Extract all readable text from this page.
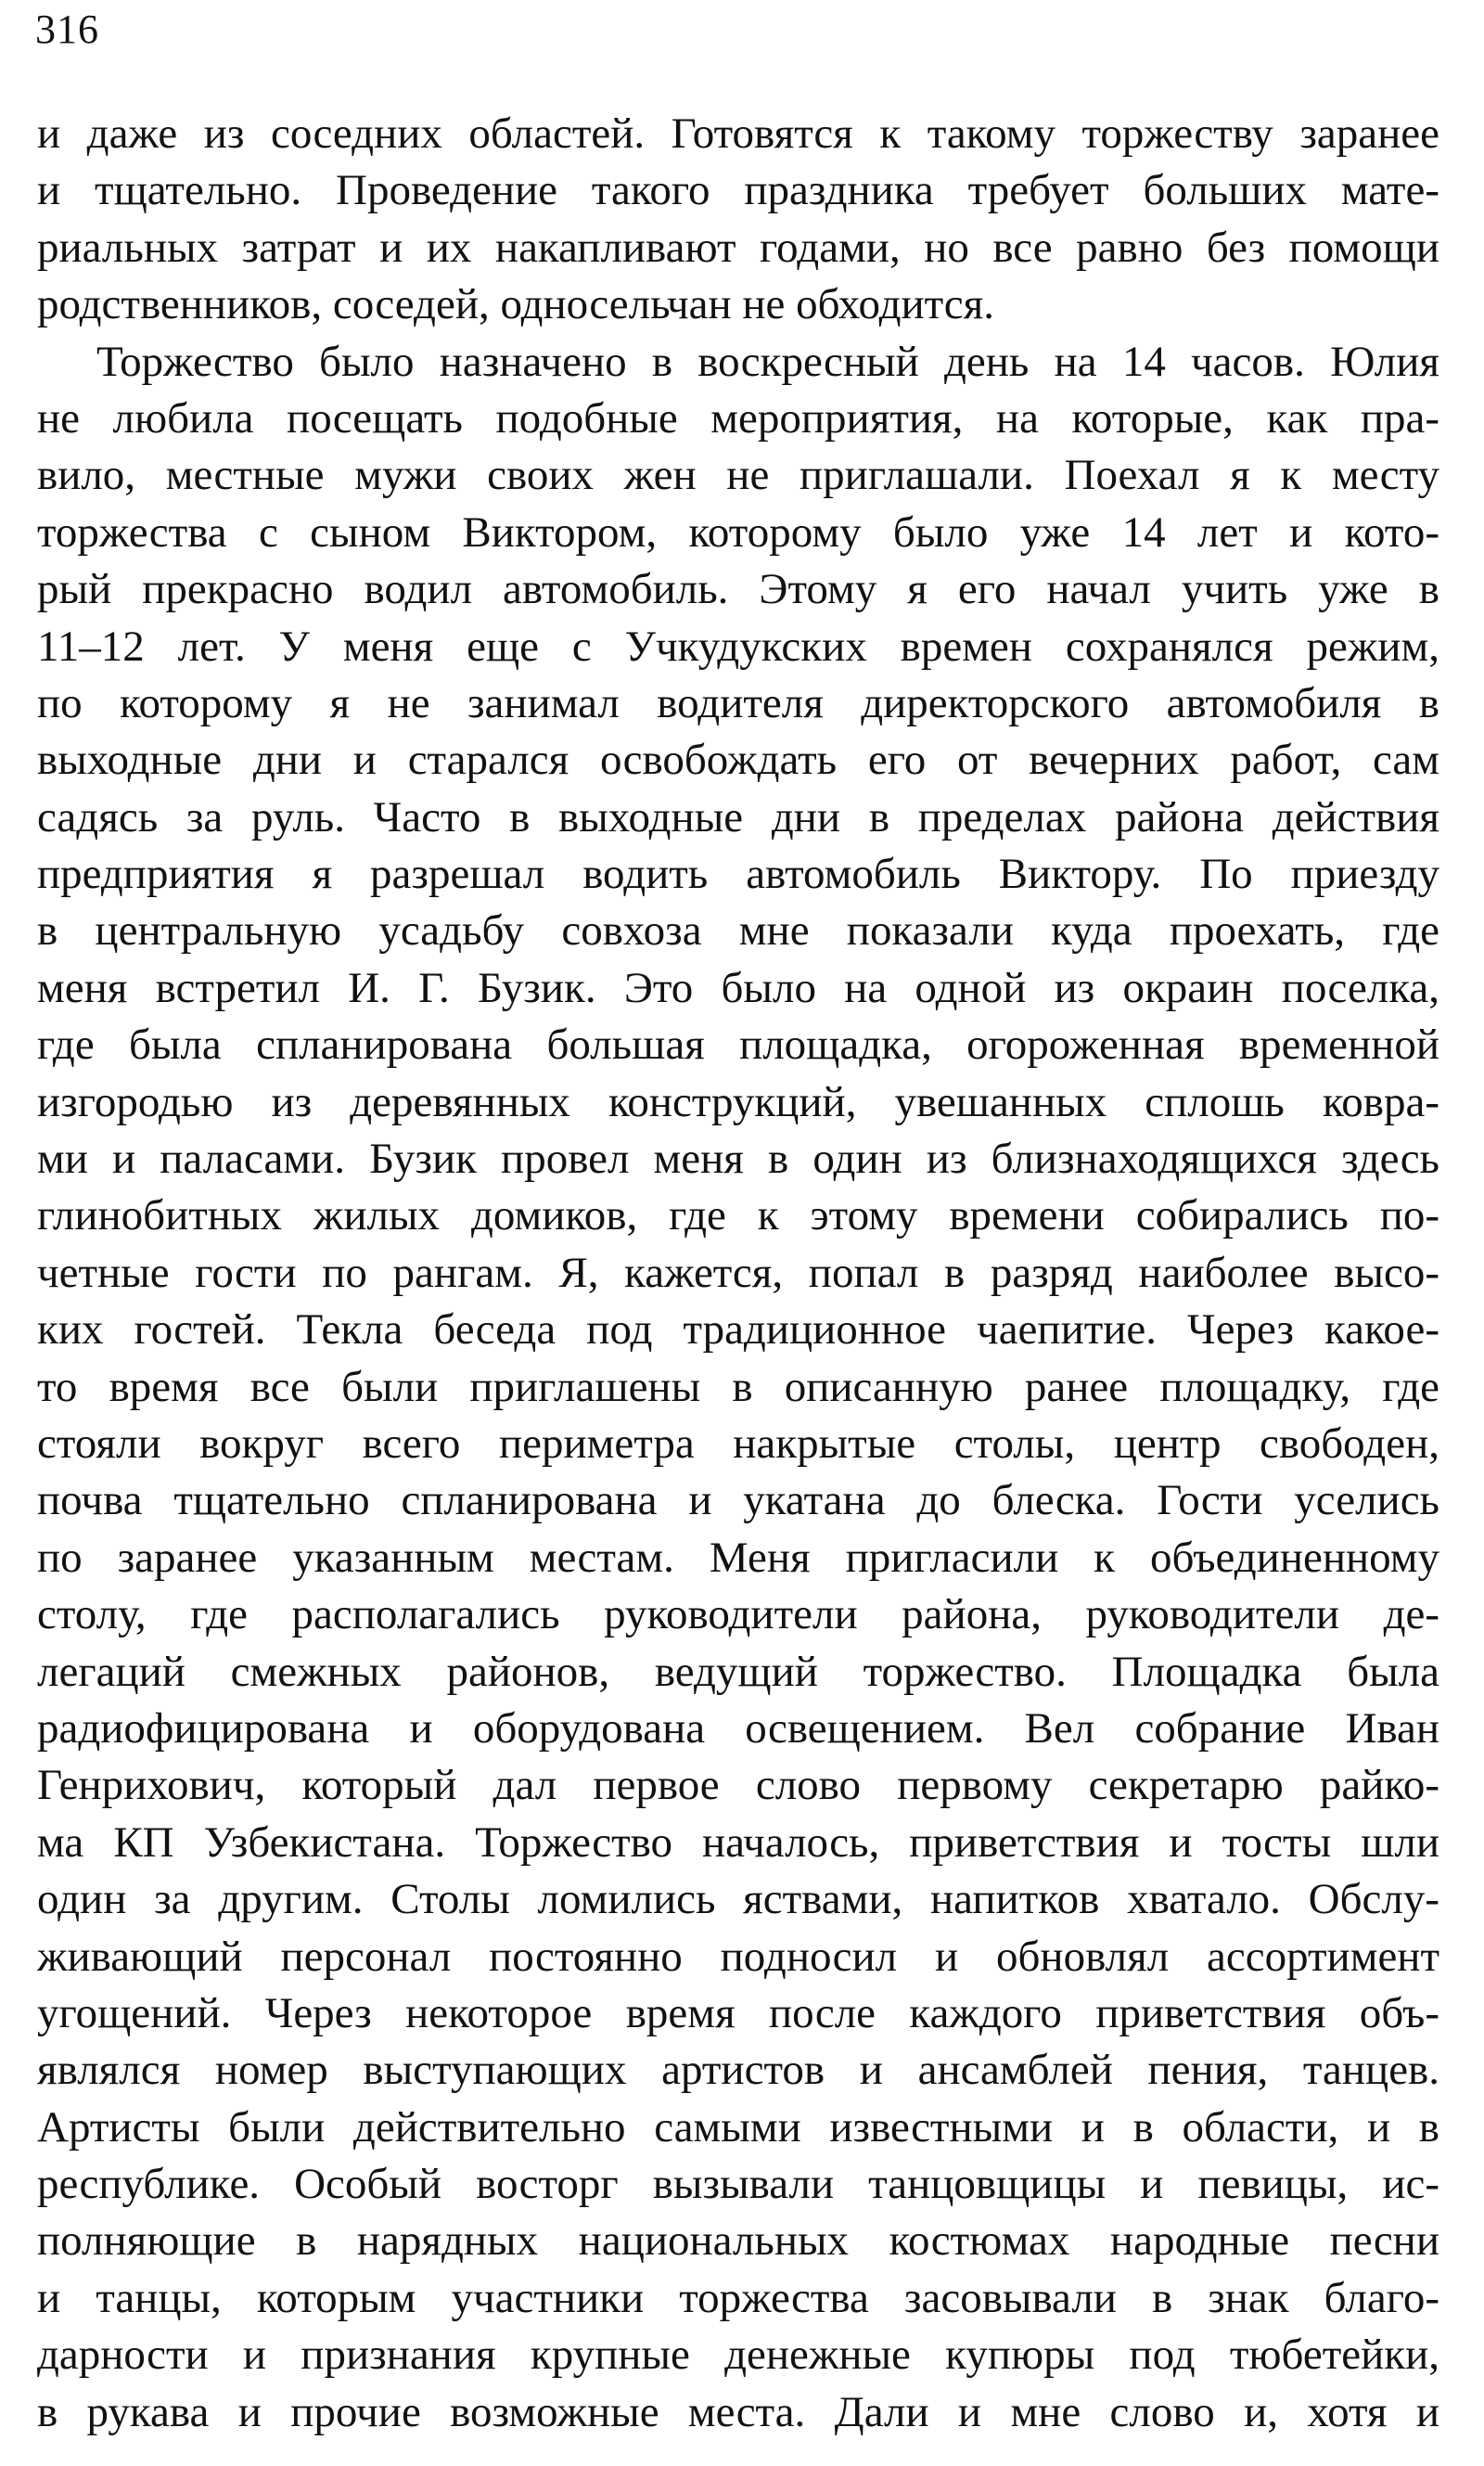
316
и даже из соседних областей. Готовятся к такому торжеству заранее
и тщательно. Проведение такого праздника требует больших мате-
риальных затрат и их накапливают годами, но все равно без помощи
родственников, соседей, односельчан не обходится.
Торжество было назначено в воскресный день на 14 часов. Юлия
не любила посещать подобные мероприятия, на которые, как пра-
вило, местные мужи своих жен не приглашали. Поехал я к месту
торжества с сыном Виктором, которому было уже 14 лет и кото-
рый прекрасно водил автомобиль. Этому я его начал учить уже в
11–12 лет. У меня еще с Учкудукских времен сохранялся режим,
по которому я не занимал водителя директорского автомобиля в
выходные дни и старался освобождать его от вечерних работ, сам
садясь за руль. Часто в выходные дни в пределах района действия
предприятия я разрешал водить автомобиль Виктору. По приезду
в центральную усадьбу совхоза мне показали куда проехать, где
меня встретил И. Г. Бузик. Это было на одной из окраин поселка,
где была спланирована большая площадка, огороженная временной
изгородью из деревянных конструкций, увешанных сплошь ковра-
ми и паласами. Бузик провел меня в один из близнаходящихся здесь
глинобитных жилых домиков, где к этому времени собирались по-
четные гости по рангам. Я, кажется, попал в разряд наиболее высо-
ких гостей. Текла беседа под традиционное чаепитие. Через какое-
то время все были приглашены в описанную ранее площадку, где
стояли вокруг всего периметра накрытые столы, центр свободен,
почва тщательно спланирована и укатана до блеска. Гости уселись
по заранее указанным местам. Меня пригласили к объединенному
столу, где располагались руководители района, руководители де-
легаций смежных районов, ведущий торжество. Площадка была
радиофицирована и оборудована освещением. Вел собрание Иван
Генрихович, который дал первое слово первому секретарю райко-
ма КП Узбекистана. Торжество началось, приветствия и тосты шли
один за другим. Столы ломились яствами, напитков хватало. Обслу-
живающий персонал постоянно подносил и обновлял ассортимент
угощений. Через некоторое время после каждого приветствия объ-
являлся номер выступающих артистов и ансамблей пения, танцев.
Артисты были действительно самыми известными и в области, и в
республике. Особый восторг вызывали танцовщицы и певицы, ис-
полняющие в нарядных национальных костюмах народные песни
и танцы, которым участники торжества засовывали в знак благо-
дарности и признания крупные денежные купюры под тюбетейки,
в рукава и прочие возможные места. Дали и мне слово и, хотя и
